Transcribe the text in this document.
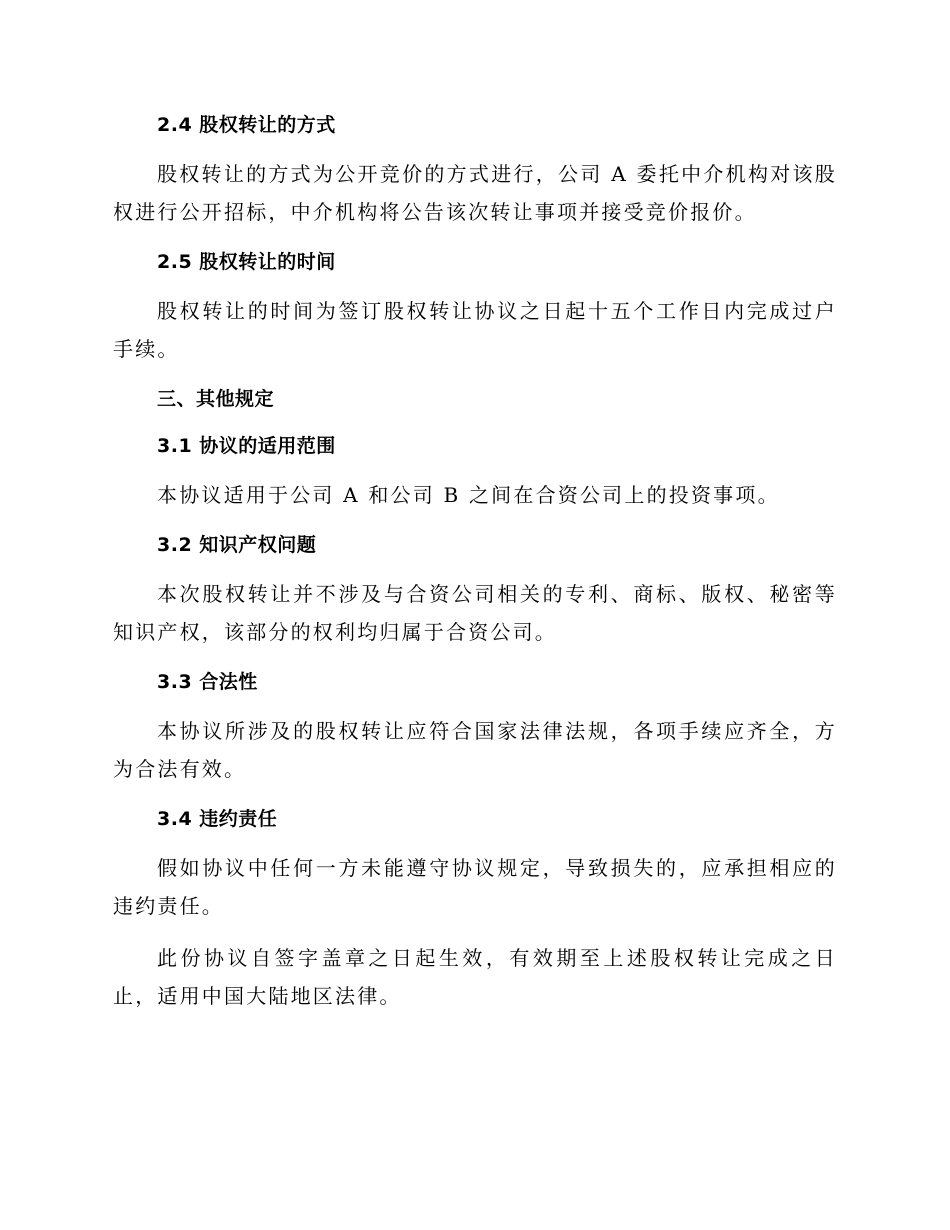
2.4 股权转让的方式

股权转让的方式为公开竞价的方式进行，公司 A 委托中介机构对该股权进行公开招标，中介机构将公告该次转让事项并接受竞价报价。

2.5 股权转让的时间

股权转让的时间为签订股权转让协议之日起十五个工作日内完成过户手续。

三、其他规定
3.1 协议的适用范围

本协议适用于公司 A 和公司 B 之间在合资公司上的投资事项。

3.2 知识产权问题

本次股权转让并不涉及与合资公司相关的专利、商标、版权、秘密等知识产权，该部分的权利均归属于合资公司。

3.3 合法性

本协议所涉及的股权转让应符合国家法律法规，各项手续应齐全，方为合法有效。

3.4 违约责任

假如协议中任何一方未能遵守协议规定，导致损失的，应承担相应的违约责任。

此份协议自签字盖章之日起生效，有效期至上述股权转让完成之日止，适用中国大陆地区法律。
